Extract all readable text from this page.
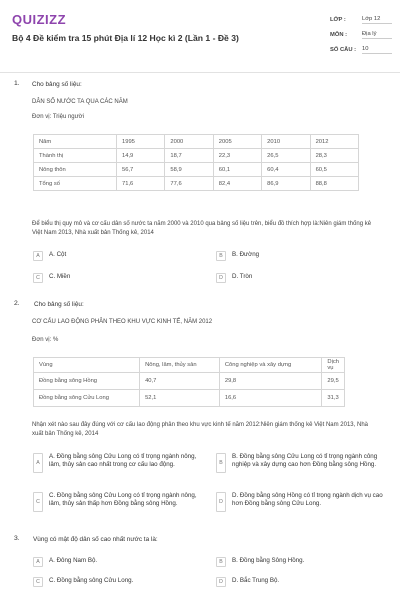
QUIZIZZ
Bộ 4 Đề kiểm tra 15 phút Địa lí 12 Học kì 2 (Lần 1 - Đề 3)
LỚP :	Lớp 12
MÔN :	Địa lý
SỐ CÂU : 10
1. Cho bảng số liệu:
DÂN SỐ NƯỚC TA QUA CÁC NĂM
Đơn vị: Triệu người
Năm	1995	2000	2005	2010	2012
Thành thị	14,9	18,7	22,3	26,5	28,3
Nông thôn	56,7	58,9	60,1	60,4	60,5
Tổng số	71,6	77,6	82,4	86,9	88,8
Để biểu thị quy mô và cơ cấu dân số nước ta năm 2000 và 2010 qua bảng số liệu trên, biểu đồ thích hợp là:Niên giám thống kê Việt Nam 2013, Nhà xuất bản Thống kê, 2014
A	A. Cột	B	B. Đường
C	C. Miền	D	D. Tròn
2. Cho bảng số liệu:
CƠ CẤU LAO ĐỘNG PHÂN THEO KHU VỰC KINH TẾ, NĂM 2012
Đơn vị: %
Vùng	Nông, lâm, thủy sản	Công nghiệp và xây dựng	Dịch vụ
Đồng bằng sông Hồng	40,7	29,8	29,5
Đồng bằng sông Cửu Long	52,1	16,6	31,3
Nhận xét nào sau đây đúng với cơ cấu lao động phân theo khu vực kinh tế năm 2012:Niên giám thống kê Việt Nam 2013, Nhà xuất bản Thống kê, 2014
A
A. Đồng bằng sông Cửu Long có tỉ trọng ngành nông, lâm, thủy sản cao nhất trong cơ cấu lao động.	B
B. Đồng bằng sông Cửu Long có tỉ trọng ngành công nghiệp và xây dựng cao hơn Đồng bằng sông Hồng.
C
C. Đồng bằng sông Cửu Long có tỉ trọng ngành nông, lâm, thủy sản thấp hơn Đồng bằng sông Hồng.	D
D. Đồng bằng sông Hồng có tỉ trọng ngành dịch vụ cao hơn Đồng bằng sông Cửu Long.
3. Vùng có mật độ dân số cao nhất nước ta là:
A	A. Đông Nam Bộ.	B	B. Đồng bằng Sông Hồng.
C	C. Đồng bằng sông Cửu Long.	D	D. Bắc Trung Bộ.
